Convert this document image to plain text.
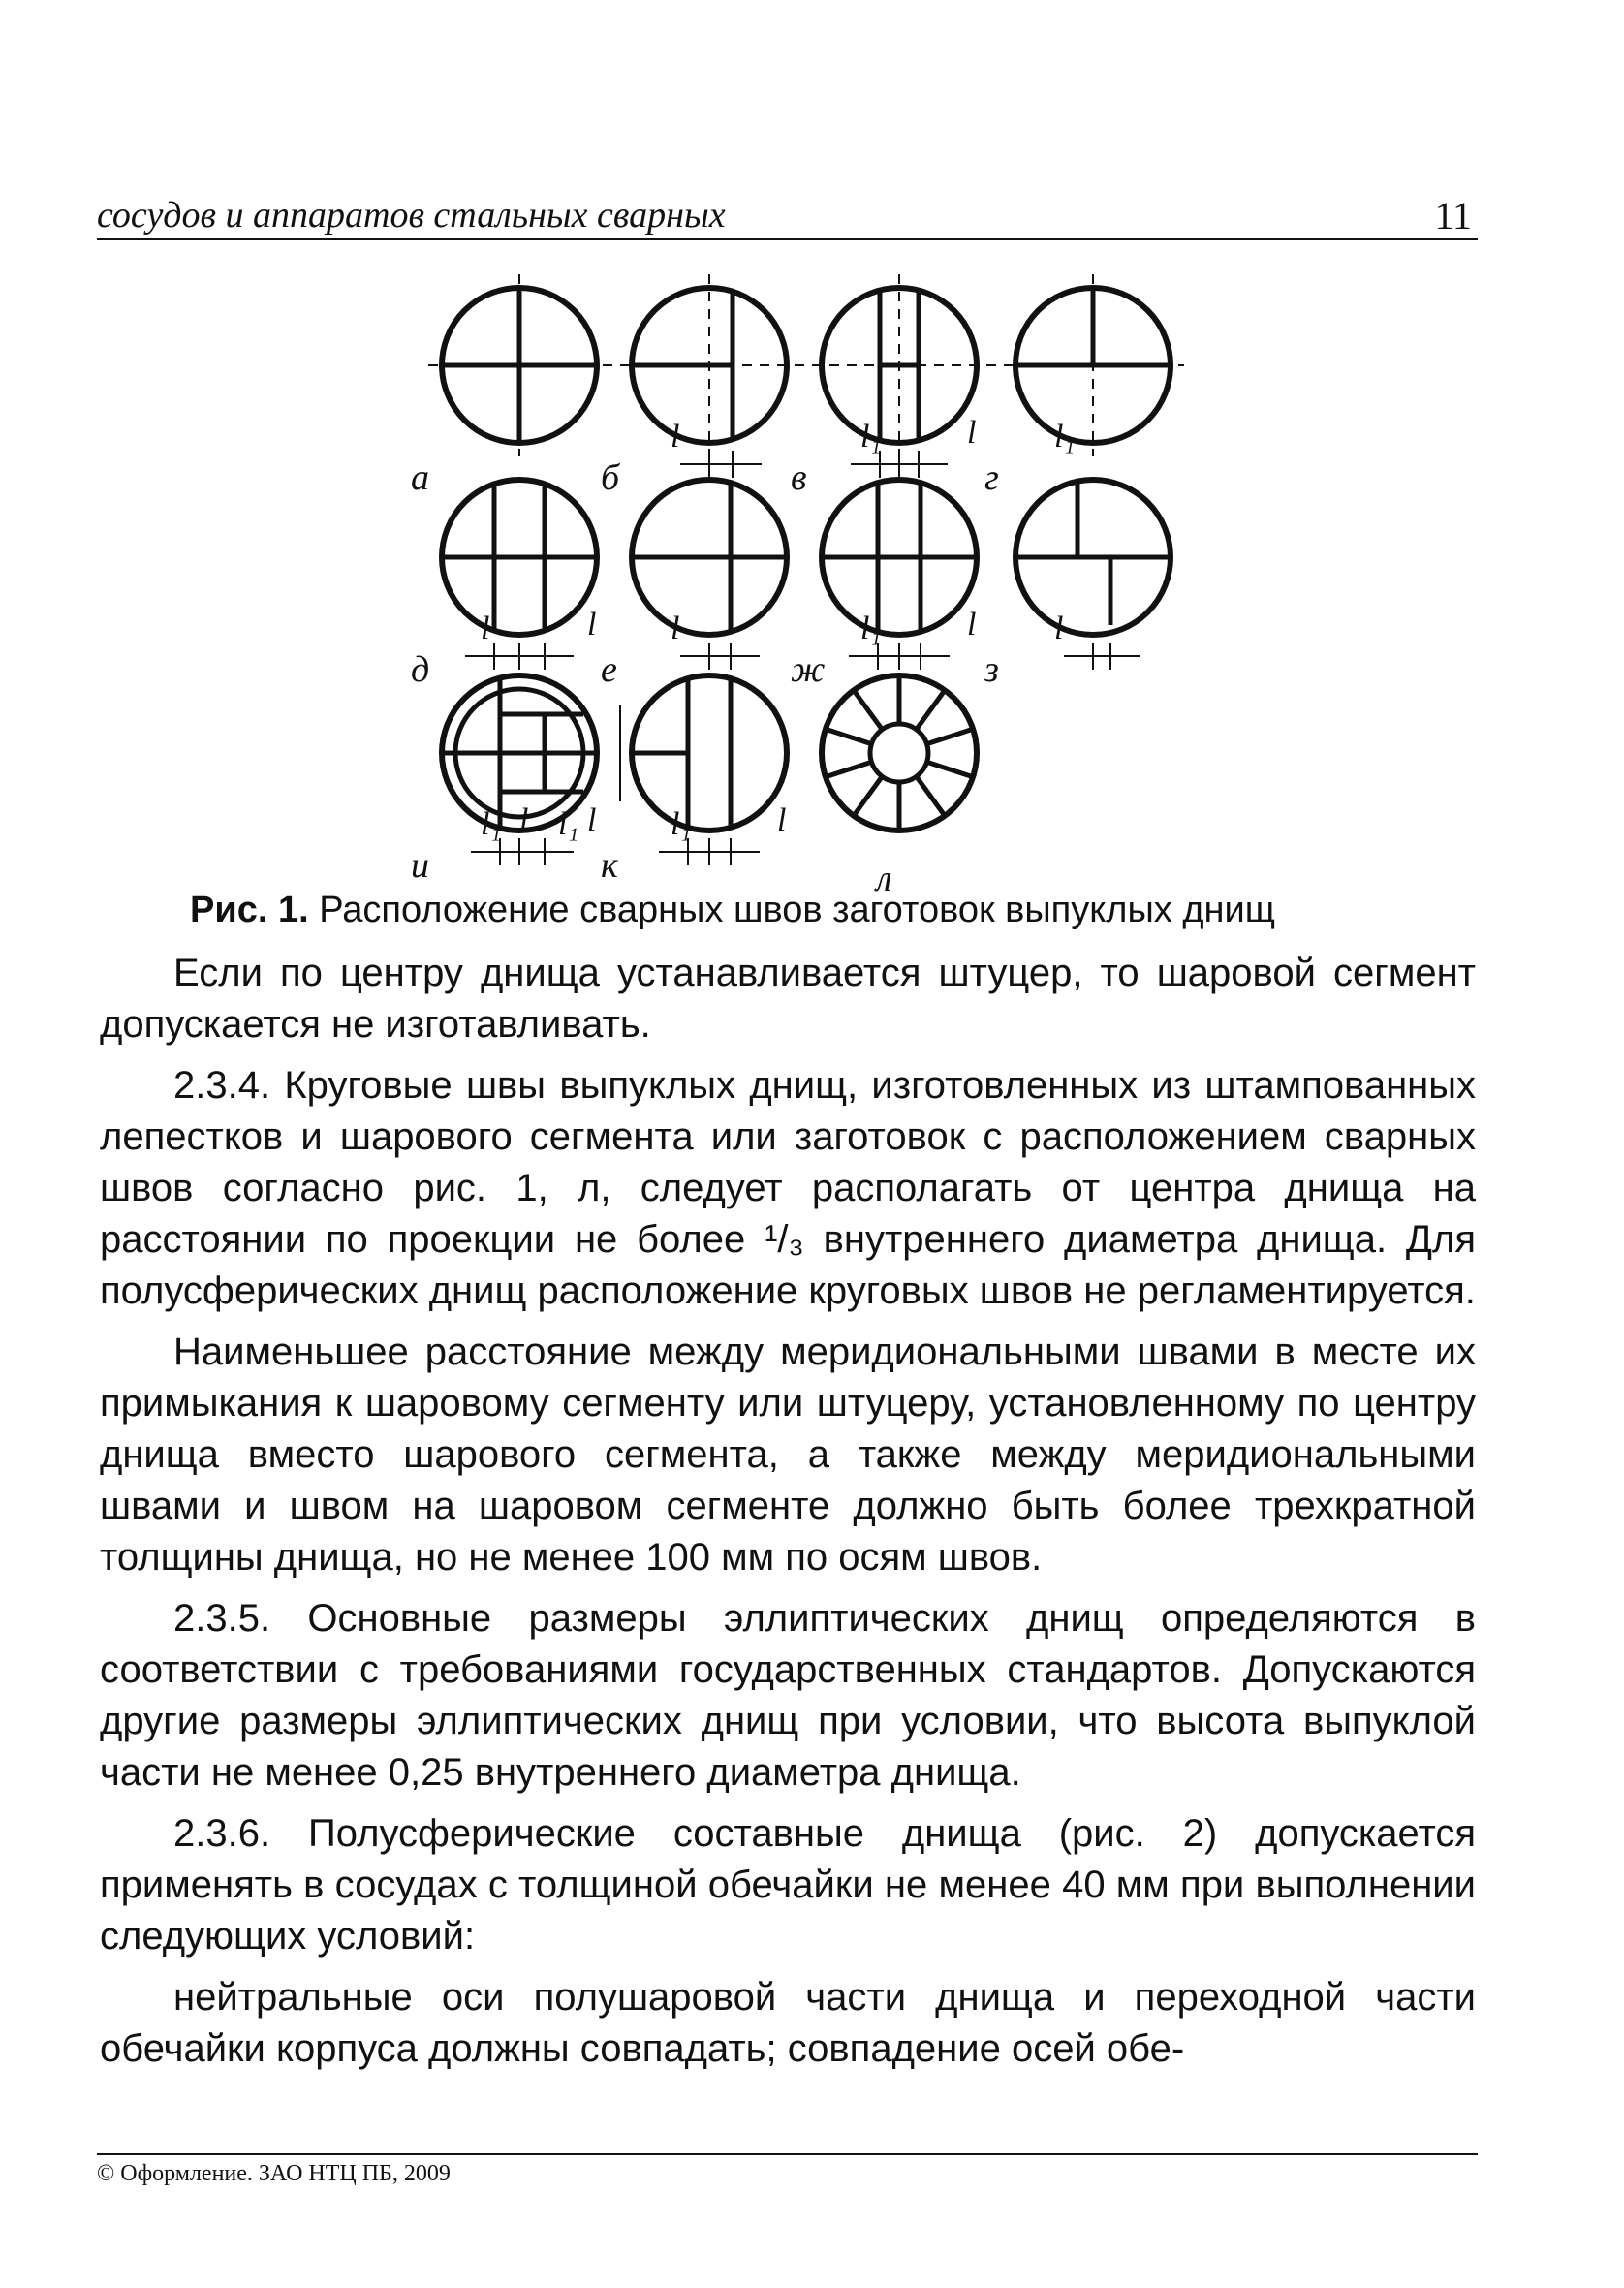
сосудов и аппаратов стальных сварных	11
а
l
б
l₁	l
в
l₁
г
l	l
д
l
е
l₁	l
ж
l
з
l₁ l l₁ l
и
l₁	l
к	л
Рис. 1. Расположение сварных швов заготовок выпуклых днищ

Если по центру днища устанавливается штуцер, то шаровой сегмент допускается не изготавливать.

2.3.4. Круговые швы выпуклых днищ, изготовленных из штампованных лепестков и шарового сегмента или заготовок с расположением сварных швов согласно рис. 1, л, следует располагать от центра днища на расстоянии по проекции не более ¹/₃ внутреннего диаметра днища. Для полусферических днищ расположение круговых швов не регламентируется.

Наименьшее расстояние между меридиональными швами в месте их примыкания к шаровому сегменту или штуцеру, установленному по центру днища вместо шарового сегмента, а также между меридиональными швами и швом на шаровом сегменте должно быть более трехкратной толщины днища, но не менее 100 мм по осям швов.

2.3.5. Основные размеры эллиптических днищ определяются в соответствии с требованиями государственных стандартов. Допускаются другие размеры эллиптических днищ при условии, что высота выпуклой части не менее 0,25 внутреннего диаметра днища.

2.3.6. Полусферические составные днища (рис. 2) допускается применять в сосудах с толщиной обечайки не менее 40 мм при выполнении следующих условий:

нейтральные оси полушаровой части днища и переходной части обечайки корпуса должны совпадать; совпадение осей обе-

© Оформление. ЗАО НТЦ ПБ, 2009
